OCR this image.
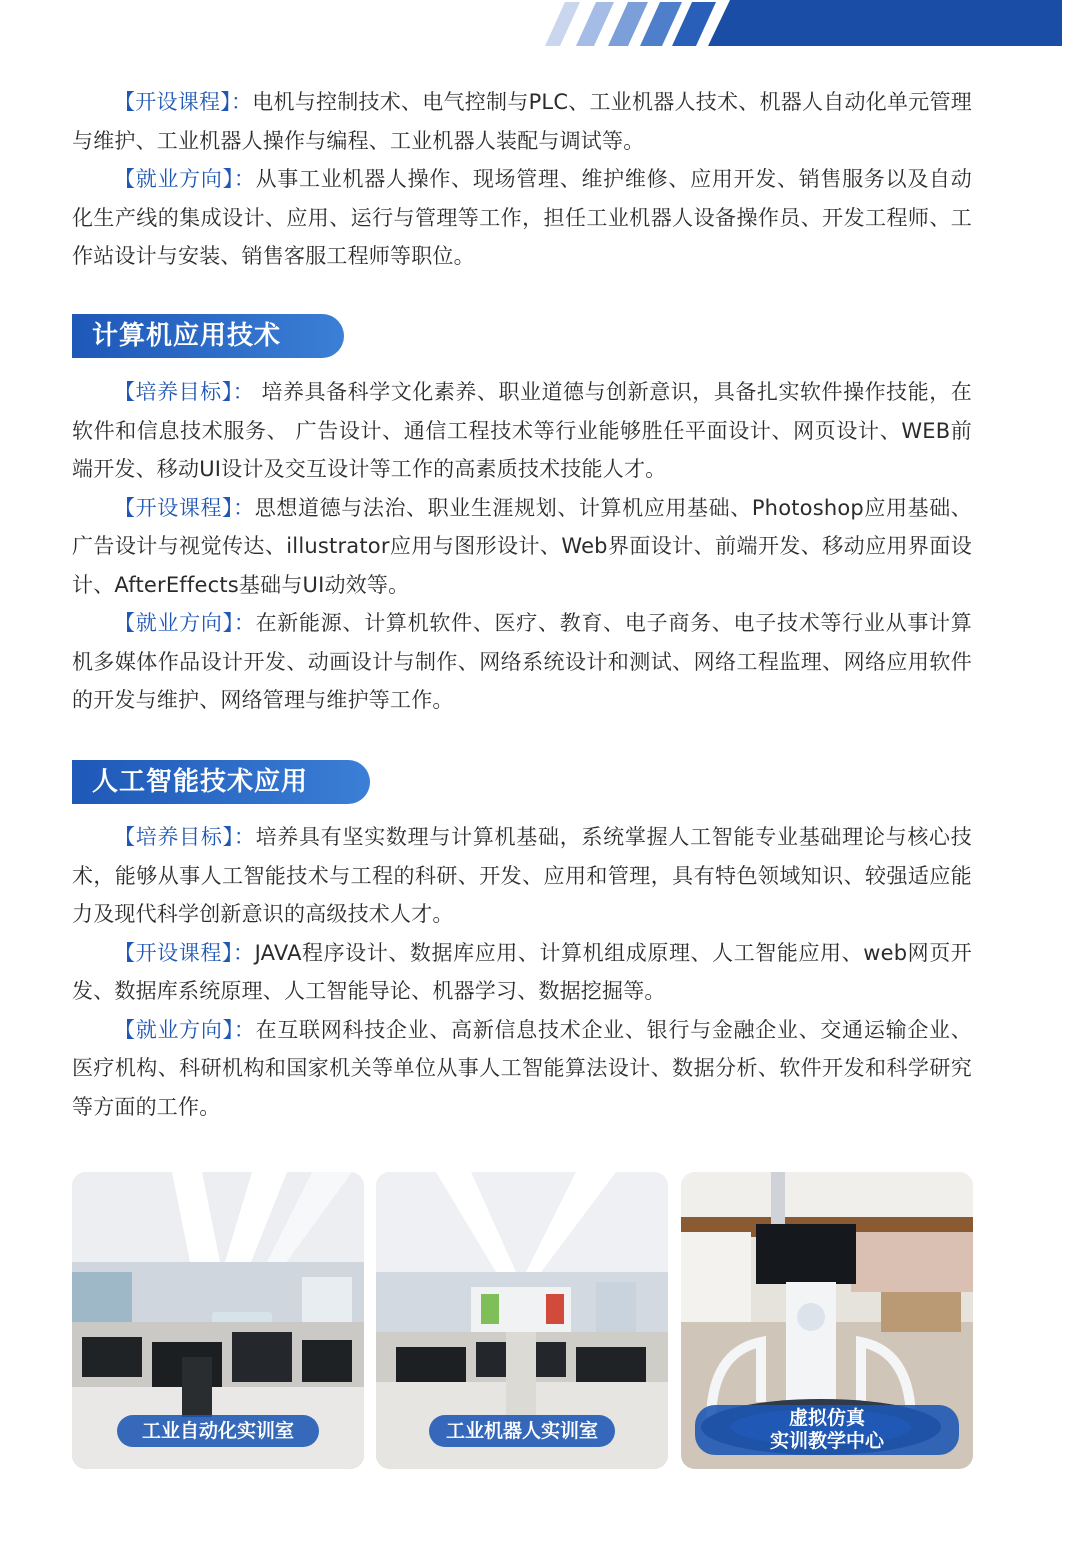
【开设课程】：电机与控制技术、电气控制与PLC、工业机器人技术、机器人自动化单元管理与维护、工业机器人操作与编程、工业机器人装配与调试等。

【就业方向】：从事工业机器人操作、现场管理、维护维修、应用开发、销售服务以及自动化生产线的集成设计、应用、运行与管理等工作，担任工业机器人设备操作员、开发工程师、工作站设计与安装、销售客服工程师等职位。

计算机应用技术

【培养目标】： 培养具备科学文化素养、职业道德与创新意识，具备扎实软件操作技能，在软件和信息技术服务、 广告设计、通信工程技术等行业能够胜任平面设计、网页设计、WEB前端开发、移动UI设计及交互设计等工作的高素质技术技能人才。

【开设课程】：思想道德与法治、职业生涯规划、计算机应用基础、Photoshop应用基础、广告设计与视觉传达、illustrator应用与图形设计、Web界面设计、前端开发、移动应用界面设计、AfterEffects基础与UI动效等。

【就业方向】：在新能源、计算机软件、医疗、教育、电子商务、电子技术等行业从事计算机多媒体作品设计开发、动画设计与制作、网络系统设计和测试、网络工程监理、网络应用软件的开发与维护、网络管理与维护等工作。

人工智能技术应用

【培养目标】：培养具有坚实数理与计算机基础，系统掌握人工智能专业基础理论与核心技术，能够从事人工智能技术与工程的科研、开发、应用和管理，具有特色领域知识、较强适应能力及现代科学创新意识的高级技术人才。

【开设课程】：JAVA程序设计、数据库应用、计算机组成原理、人工智能应用、web网页开发、数据库系统原理、人工智能导论、机器学习、数据挖掘等。

【就业方向】：在互联网科技企业、高新信息技术企业、银行与金融企业、交通运输企业、医疗机构、科研机构和国家机关等单位从事人工智能算法设计、数据分析、软件开发和科学研究等方面的工作。

工业自动化实训室	工业机器人实训室
虚拟仿真
实训教学中心
